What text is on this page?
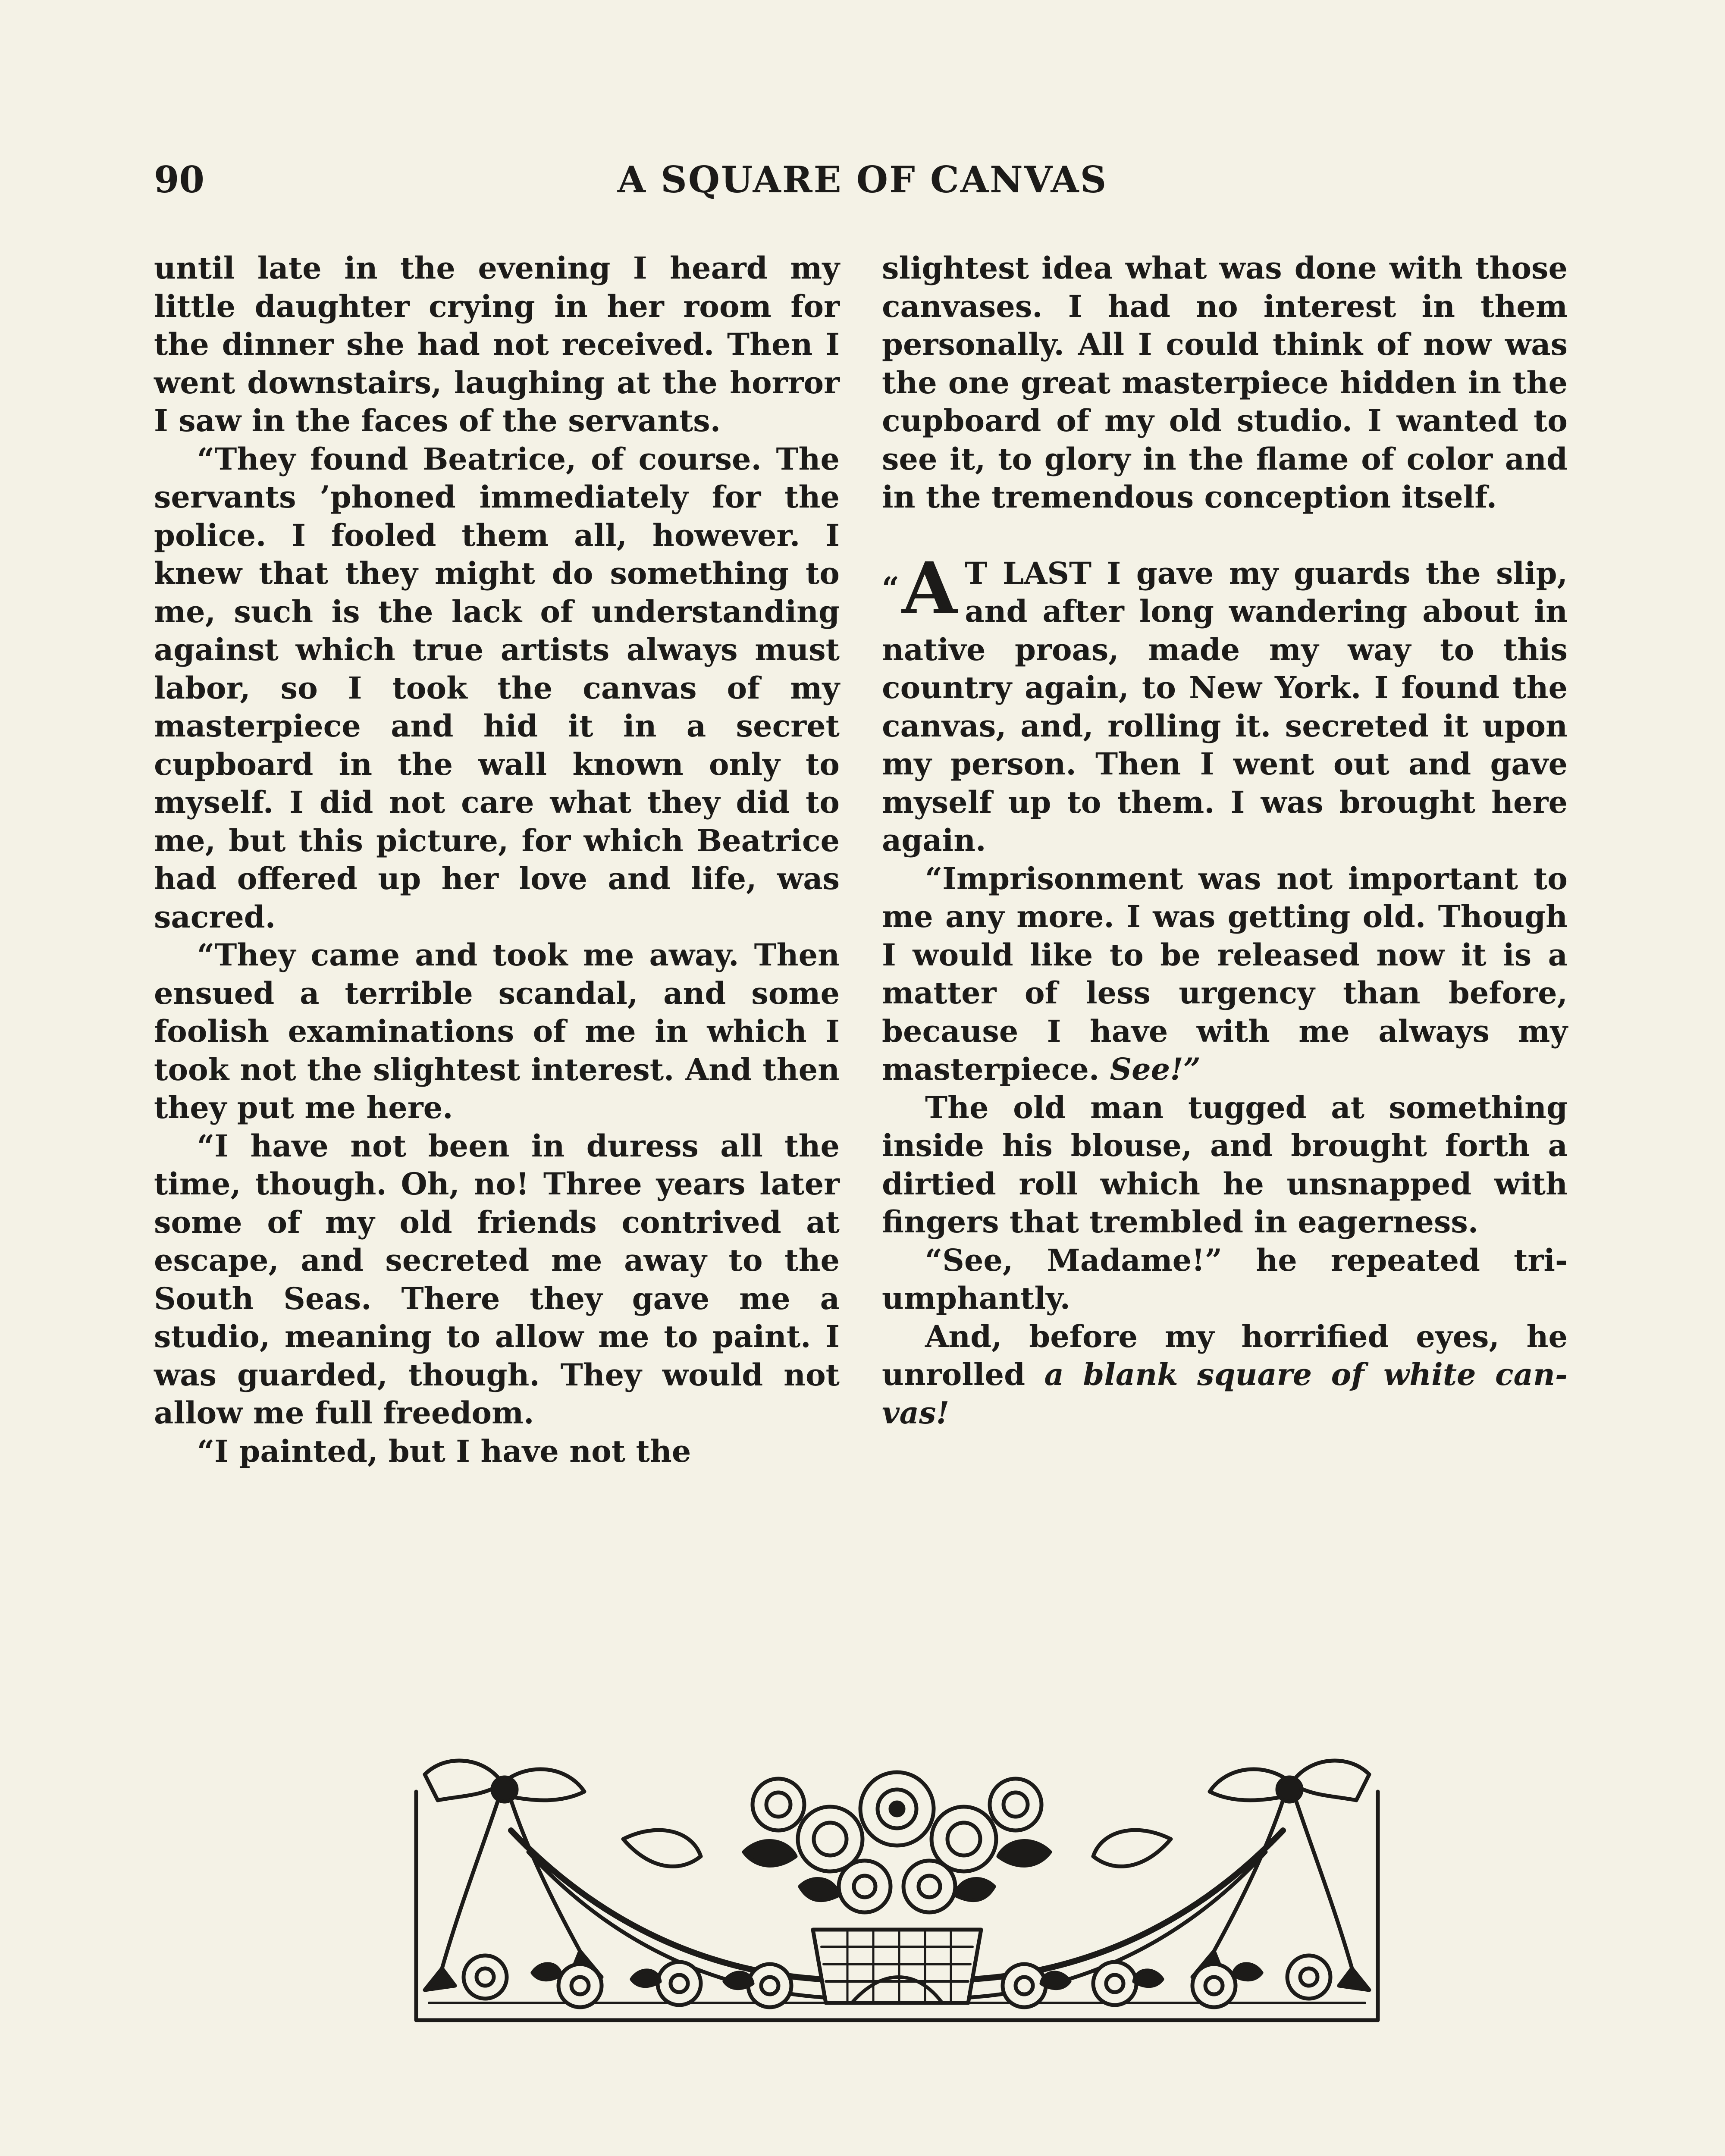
90	A SQUARE OF CANVAS

until late in the evening I heard my little daughter crying in her room for the dinner she had not received. Then I went downstairs, laughing at the horror I saw in the faces of the servants.

“They found Beatrice, of course. The servants ’phoned immediately for the police. I fooled them all, however. I knew that they might do something to me, such is the lack of understanding against which true artists always must labor, so I took the canvas of my masterpiece and hid it in a secret cupboard in the wall known only to myself. I did not care what they did to me, but this picture, for which Beatrice had offered up her love and life, was sacred.

“They came and took me away. Then ensued a terrible scandal, and some foolish examinations of me in which I took not the slightest interest. And then they put me here.

“I have not been in duress all the time, though. Oh, no! Three years later some of my old friends contrived at escape, and secreted me away to the South Seas. There they gave me a studio, meaning to allow me to paint. I was guarded, though. They would not allow me full freedom.

“I painted, but I have not the

slightest idea what was done with those canvases. I had no interest in them personally. All I could think of now was the one great masterpiece hidden in the cupboard of my old studio. I wanted to see it, to glory in the flame of color and in the tremendous conception itself.

“A T LAST I gave my guards the slip, and after long wandering about in native proas, made my way to this country again, to New York. I found the canvas, and, rolling it. secreted it upon my person. Then I went out and gave myself up to them. I was brought here again.

“Imprisonment was not important to me any more. I was getting old. Though I would like to be released now it is a matter of less urgency than before, because I have with me always my masterpiece. See!”

The old man tugged at something inside his blouse, and brought forth a dirtied roll which he unsnapped with fingers that trembled in eagerness.

“See, Madame!” he repeated triumphantly.

And, before my horrified eyes, he unrolled a blank square of white canvas!
